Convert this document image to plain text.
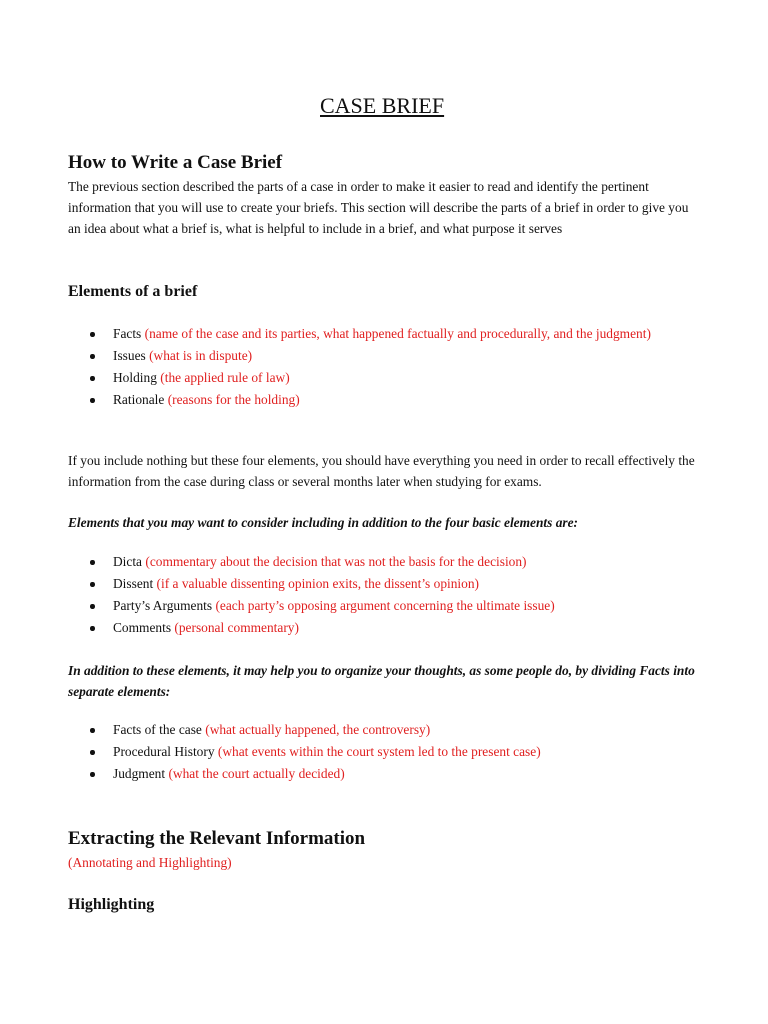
CASE BRIEF
How to Write a Case Brief

The previous section described the parts of a case in order to make it easier to read and identify the pertinent information that you will use to create your briefs. This section will describe the parts of a brief in order to give you an idea about what a brief is, what is helpful to include in a brief, and what purpose it serves

Elements of a brief
Facts (name of the case and its parties, what happened factually and procedurally, and the judgment)
Issues (what is in dispute)
Holding (the applied rule of law)
Rationale (reasons for the holding)

If you include nothing but these four elements, you should have everything you need in order to recall effectively the information from the case during class or several months later when studying for exams.

Elements that you may want to consider including in addition to the four basic elements are:

Dicta (commentary about the decision that was not the basis for the decision)
Dissent (if a valuable dissenting opinion exits, the dissent’s opinion)
Party’s Arguments (each party’s opposing argument concerning the ultimate issue)
Comments (personal commentary)

In addition to these elements, it may help you to organize your thoughts, as some people do, by dividing Facts into separate elements:

Facts of the case (what actually happened, the controversy)
Procedural History (what events within the court system led to the present case)
Judgment (what the court actually decided)
Extracting the Relevant Information

(Annotating and Highlighting)

Highlighting
